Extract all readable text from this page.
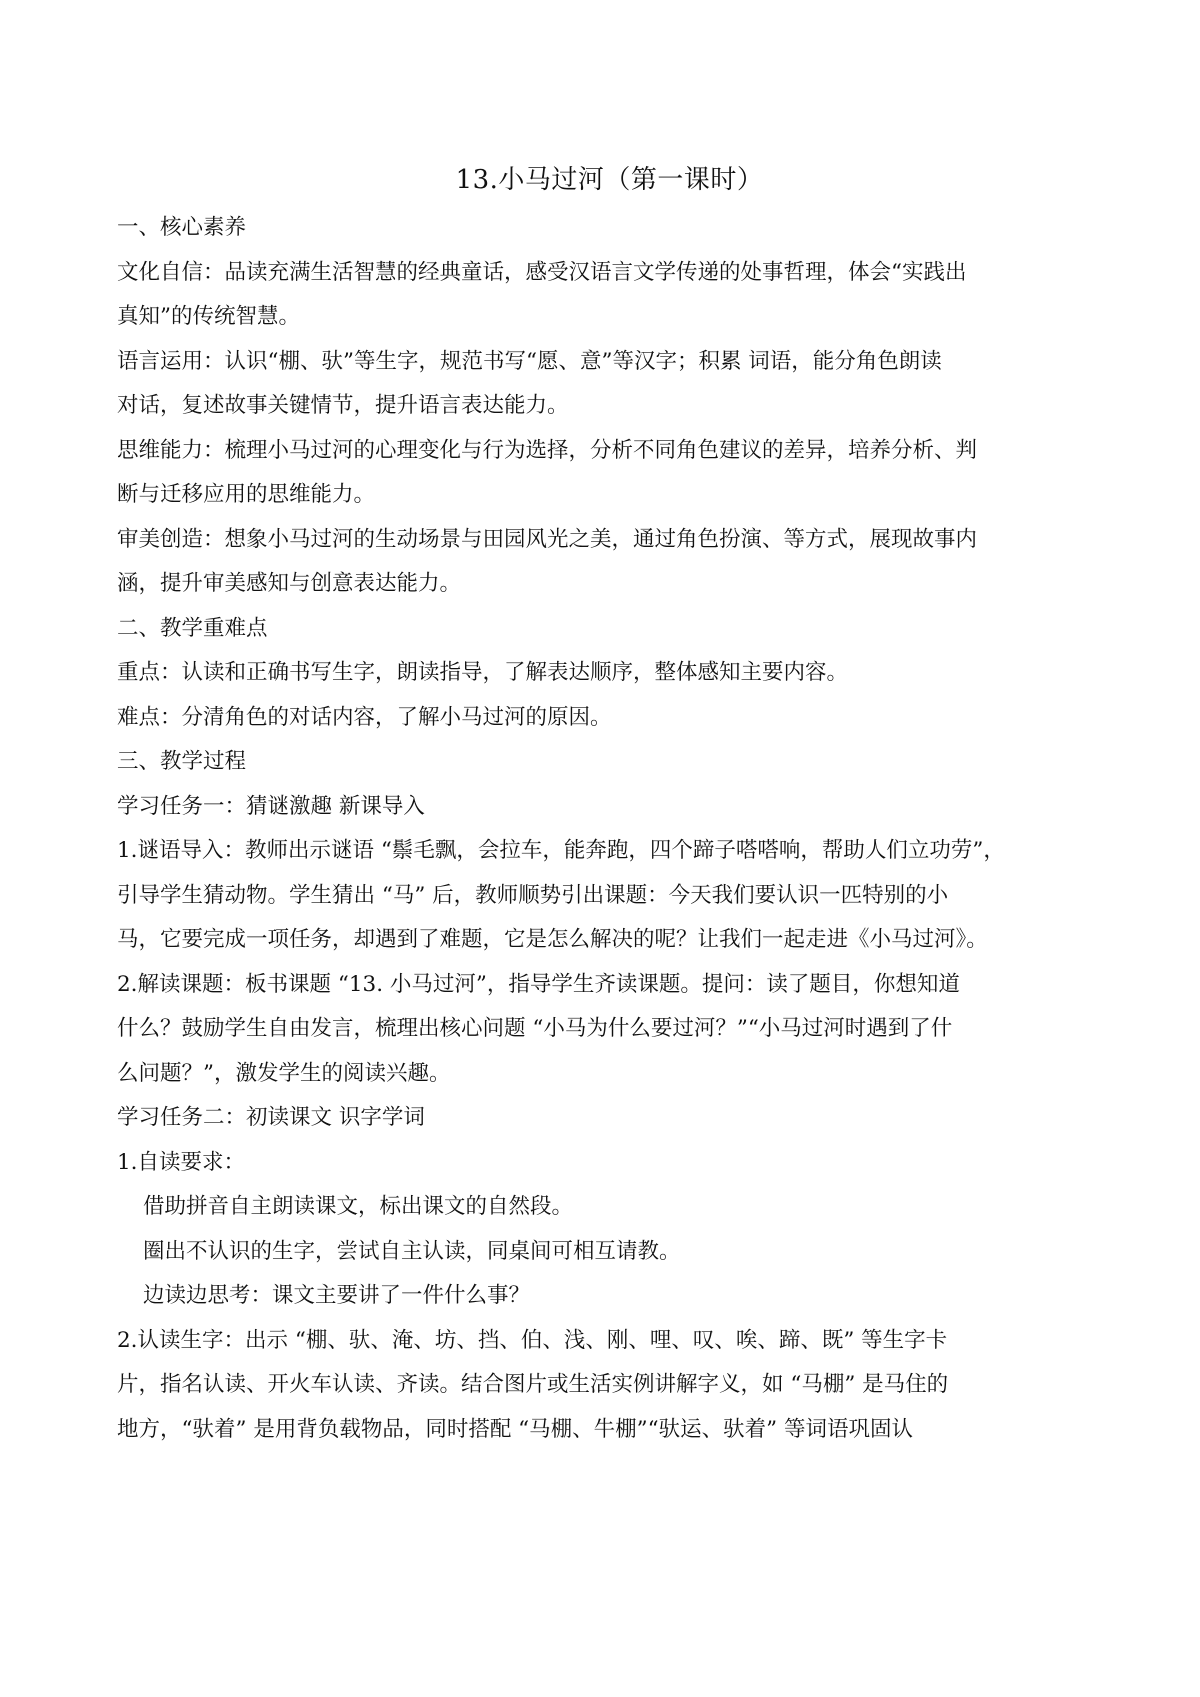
13.小马过河（第一课时）

一、核心素养

文化自信：品读充满生活智慧的经典童话，感受汉语言文学传递的处事哲理，体会“实践出

真知”的传统智慧。

语言运用：认识“棚、驮”等生字，规范书写“愿、意”等汉字；积累 词语，能分角色朗读

对话，复述故事关键情节，提升语言表达能力。

思维能力：梳理小马过河的心理变化与行为选择，分析不同角色建议的差异，培养分析、判

断与迁移应用的思维能力。

审美创造：想象小马过河的生动场景与田园风光之美，通过角色扮演、等方式，展现故事内

涵，提升审美感知与创意表达能力。

二、教学重难点

重点：认读和正确书写生字，朗读指导，了解表达顺序，整体感知主要内容。

难点：分清角色的对话内容，了解小马过河的原因。

三、教学过程

学习任务一：猜谜激趣 新课导入

1.谜语导入：教师出示谜语 “鬃毛飘，会拉车，能奔跑，四个蹄子嗒嗒响，帮助人们立功劳”，

引导学生猜动物。学生猜出 “马” 后，教师顺势引出课题：今天我们要认识一匹特别的小

马，它要完成一项任务，却遇到了难题，它是怎么解决的呢？让我们一起走进《小马过河》。

2.解读课题：板书课题 “13. 小马过河”，指导学生齐读课题。提问：读了题目，你想知道

什么？鼓励学生自由发言，梳理出核心问题 “小马为什么要过河？”“小马过河时遇到了什

么问题？”，激发学生的阅读兴趣。

学习任务二：初读课文 识字学词

1.自读要求：

借助拼音自主朗读课文，标出课文的自然段。

圈出不认识的生字，尝试自主认读，同桌间可相互请教。

边读边思考：课文主要讲了一件什么事？

2.认读生字：出示 “棚、驮、淹、坊、挡、伯、浅、刚、哩、叹、唉、蹄、既” 等生字卡

片，指名认读、开火车认读、齐读。结合图片或生活实例讲解字义，如 “马棚” 是马住的

地方，“驮着” 是用背负载物品，同时搭配 “马棚、牛棚”“驮运、驮着” 等词语巩固认
